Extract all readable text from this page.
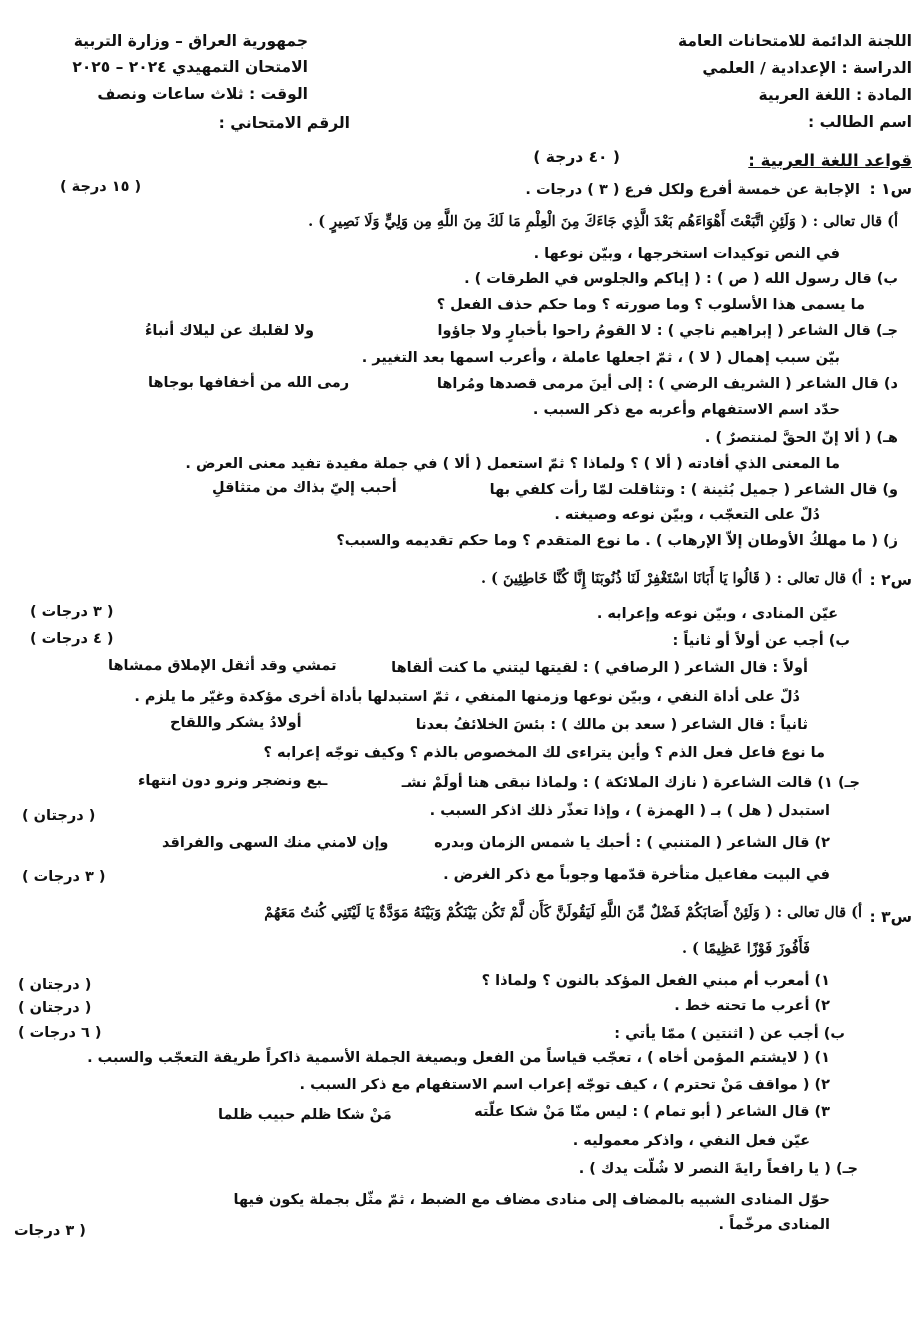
اللجنة الدائمة للامتحانات العامة
الدراسة : الإعدادية / العلمي
المادة : اللغة العربية
اسم الطالب :
جمهورية العراق – وزارة التربية
الامتحان التمهيدي ٢٠٢٤ – ٢٠٢٥
الوقت : ثلاث ساعات ونصف
الرقم الامتحاني :
قواعد اللغة العربية :
( ٤٠ درجة )
س١ :
الإجابة عن خمسة أفرع ولكل فرع ( ٣ ) درجات .
( ١٥ درجة )
أ) قال تعالى : ( وَلَئِنِ اتَّبَعْتَ أَهْوَاءَهُم بَعْدَ الَّذِي جَاءَكَ مِنَ الْعِلْمِ مَا لَكَ مِنَ اللَّهِ مِن وَلِيٍّ وَلَا نَصِيرٍ ) .
في النص توكيدات استخرجها ، وبيّن نوعها .
ب) قال رسول الله ( ص ) : ( إياكم والجلوس في الطرقات ) .
ما يسمى هذا الأسلوب ؟ وما صورته ؟ وما حكم حذف الفعل ؟
جـ) قال الشاعر ( إبراهيم ناجي ) : لا القومُ راحوا بأخبارٍ ولا جاؤوا
ولا لقلبك عن ليلاك أنباءُ
بيّن سبب إهمال ( لا ) ، ثمّ اجعلها عاملة ، وأعرب اسمها بعد التغيير .
د) قال الشاعر ( الشريف الرضي ) : إلى أينَ مرمى قصدها ومُراها
رمى الله من أخفافها بوجاها
حدّد اسم الاستفهام وأعربه مع ذكر السبب .
هـ) ( ألا إنّ الحقَّ لمنتصرٌ ) .
ما المعنى الذي أفادته ( ألا ) ؟ ولماذا ؟ ثمّ استعمل ( ألا ) في جملة مفيدة تفيد معنى العرض .
و) قال الشاعر ( جميل بُثينة ) : وتثاقلت لمّا رأت كلفي بها
أحبب إليّ بذاك من متثاقلِ
دُلّ على التعجّب ، وبيّن نوعه وصيغته .
ز) ( ما مهلكُ الأوطان إلاّ الإرهاب ) . ما نوع المتقدم ؟ وما حكم تقديمه والسبب؟
س٢ :
أ) قال تعالى : ( قَالُوا يَا أَبَانَا اسْتَغْفِرْ لَنَا ذُنُوبَنَا إِنَّا كُنَّا خَاطِئِينَ ) .
عيّن المنادى ، وبيّن نوعه وإعرابه .
( ٣ درجات )
ب) أجب عن أولاً أو ثانياً :
( ٤ درجات )
أولاً : قال الشاعر ( الرصافي ) : لقيتها ليتني ما كنت ألقاها
تمشي وقد أثقل الإملاق ممشاها
دُلّ على أداة النفي ، وبيّن نوعها وزمنها المنفي ، ثمّ استبدلها بأداة أخرى مؤكدة وغيّر ما يلزم .
ثانياً : قال الشاعر ( سعد بن مالك ) : بئسَ الخلائفُ بعدنا
أولادُ يشكر واللقاح
ما نوع فاعل فعل الذم ؟ وأين يتراءى لك المخصوص بالذم ؟ وكيف توجّه إعرابه ؟
جـ) ١) قالت الشاعرة ( نازك الملائكة ) : ولماذا نبقى هنا أولَمْ نشـ
ـبع ونضجر ونرو دون انتهاء
استبدل ( هل ) بـ ( الهمزة ) ، وإذا تعذّر ذلك اذكر السبب .
( درجتان )
٢) قال الشاعر ( المتنبي ) : أحبك يا شمس الزمان وبدره
وإن لامني منك السهى والفراقد
في البيت مفاعيل متأخرة قدّمها وجوباً مع ذكر الغرض .
( ٣ درجات )
س٣ :
أ) قال تعالى : ( وَلَئِنْ أَصَابَكُمْ فَضْلٌ مِّنَ اللَّهِ لَيَقُولَنَّ كَأَن لَّمْ تَكُن بَيْنَكُمْ وَبَيْنَهُ مَوَدَّةٌ يَا لَيْتَنِي كُنتُ مَعَهُمْ
فَأَفُوزَ فَوْزًا عَظِيمًا ) .
١) أمعرب أم مبني الفعل المؤكد بالنون ؟ ولماذا ؟
( درجتان )
٢) أعرب ما تحته خط .
( درجتان )
ب) أجب عن ( اثنتين ) ممّا يأتي :
( ٦ درجات )
١) ( لايشتم المؤمن أخاه ) ، تعجّب قياساً من الفعل وبصيغة الجملة الأسمية ذاكراً طريقة التعجّب والسبب .
٢) ( مواقف مَنْ تحترم ) ، كيف توجّه إعراب اسم الاستفهام مع ذكر السبب .
٣) قال الشاعر ( أبو تمام ) : ليس منّا مَنْ شكا علّته
مَنْ شكا ظلم حبيب ظلما
عيّن فعل النفي ، واذكر معموليه .
جـ) ( يا رافعاً رايةَ النصر لا شُلّت يدك ) .
حوّل المنادى الشبيه بالمضاف إلى منادى مضاف مع الضبط ، ثمّ مثّل بجملة يكون فيها
المنادى مرخّماً .
( ٣ درجات
